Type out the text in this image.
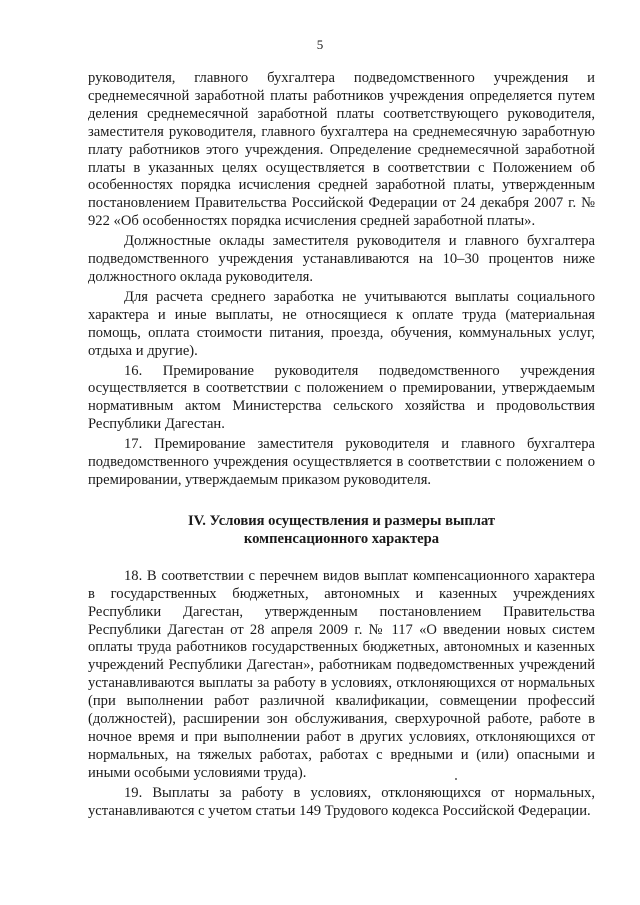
5

руководителя, главного бухгалтера подведомственного учреждения и среднемесячной заработной платы работников учреждения определяется путем деления среднемесячной заработной платы соответствующего руководителя, заместителя руководителя, главного бухгалтера на среднемесячную заработную плату работников этого учреждения. Определение среднемесячной заработной платы в указанных целях осуществляется в соответствии с Положением об особенностях порядка исчисления средней заработной платы, утвержденным постановлением Правительства Российской Федерации от 24 декабря 2007 г. № 922 «Об особенностях порядка исчисления средней заработной платы».

Должностные оклады заместителя руководителя и главного бухгалтера подведомственного учреждения устанавливаются на 10–30 процентов ниже должностного оклада руководителя.

Для расчета среднего заработка не учитываются выплаты социального характера и иные выплаты, не относящиеся к оплате труда (материальная помощь, оплата стоимости питания, проезда, обучения, коммунальных услуг, отдыха и другие).

16. Премирование руководителя подведомственного учреждения осуществляется в соответствии с положением о премировании, утверждаемым нормативным актом Министерства сельского хозяйства и продовольствия Республики Дагестан.

17. Премирование заместителя руководителя и главного бухгалтера подведомственного учреждения осуществляется в соответствии с положением о премировании, утверждаемым приказом руководителя.

IV. Условия осуществления и размеры выплат
компенсационного характера

18. В соответствии с перечнем видов выплат компенсационного характера в государственных бюджетных, автономных и казенных учреждениях Республики Дагестан, утвержденным постановлением Правительства Республики Дагестан от 28 апреля 2009 г. № 117 «О введении новых систем оплаты труда работников государственных бюджетных, автономных и казенных учреждений Республики Дагестан», работникам подведомственных учреждений устанавливаются выплаты за работу в условиях, отклоняющихся от нормальных (при выполнении работ различной квалификации, совмещении профессий (должностей), расширении зон обслуживания, сверхурочной работе, работе в ночное время и при выполнении работ в других условиях, отклоняющихся от нормальных, на тяжелых работах, работах с вредными и (или) опасными и иными особыми условиями труда).

19. Выплаты за работу в условиях, отклоняющихся от нормальных, устанавливаются с учетом статьи 149 Трудового кодекса Российской Федерации.
